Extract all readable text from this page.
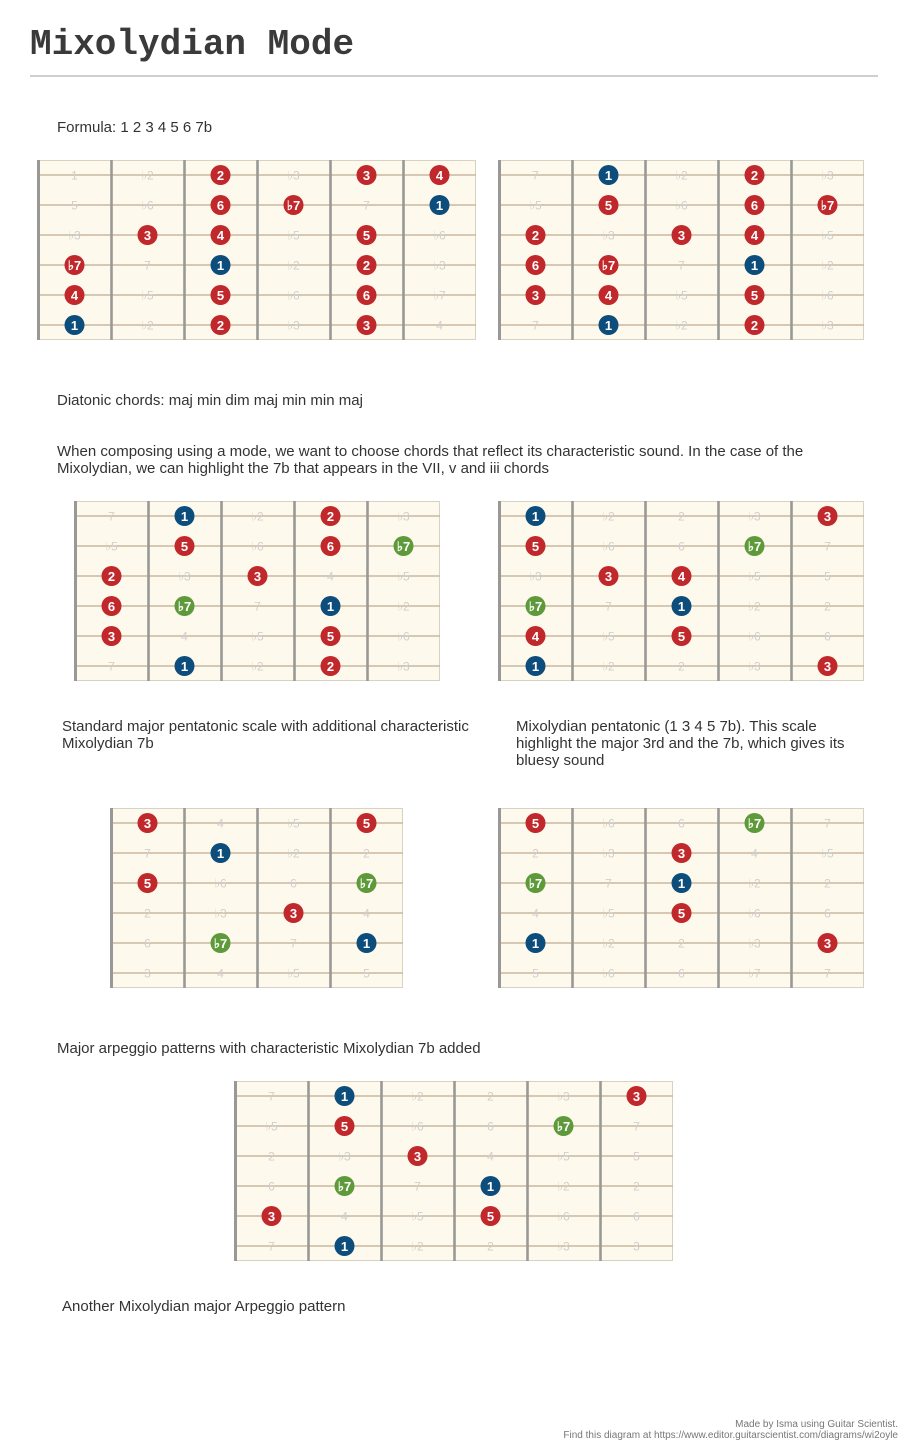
Mixolydian Mode

Formula: 1 2 3 4 5 6 7b

1	♭2	2	♭3	3	4
5	♭6	6	♭7	7	1
♭3	3	4	♭5	5	♭6
♭7	7	1	♭2	2	♭3
4	♭5	5	♭6	6	♭7
1	♭2	2	♭3	3	4
7	1	♭2	2	♭3
♭5	5	♭6	6	♭7
2	♭3	3	4	♭5
6	♭7	7	1	♭2
3	4	♭5	5	♭6
7	1	♭2	2	♭3

Diatonic chords: maj min dim maj min min maj

When composing using a mode, we want to choose chords that reflect its characteristic sound. In the case of the Mixolydian, we can highlight the 7b that appears in the VII, v and iii chords

7	1	♭2	2	♭3
♭5	5	♭6	6	♭7
2	♭3	3	4	♭5
6	♭7	7	1	♭2
3	4	♭5	5	♭6
7	1	♭2	2	♭3
1	♭2	2	♭3	3
5	♭6	6	♭7	7
♭3	3	4	♭5	5
♭7	7	1	♭2	2
4	♭5	5	♭6	6
1	♭2	2	♭3	3

Standard major pentatonic scale with additional characteristic Mixolydian 7b

Mixolydian pentatonic (1 3 4 5 7b). This scale highlight the major 3rd and the 7b, which gives its bluesy sound

3	4	♭5	5
7	1	♭2	2
5	♭6	6	♭7
2	♭3	3	4
6	♭7	7	1
3	4	♭5	5
5	♭6	6	♭7	7
2	♭3	3	4	♭5
♭7	7	1	♭2	2
4	♭5	5	♭6	6
1	♭2	2	♭3	3
5	♭6	6	♭7	7

Major arpeggio patterns with characteristic Mixolydian 7b added

7	1	♭2	2	♭3	3
♭5	5	♭6	6	♭7	7
2	♭3	3	4	♭5	5
6	♭7	7	1	♭2	2
3	4	♭5	5	♭6	6
7	1	♭2	2	♭3	3

Another Mixolydian major Arpeggio pattern

Made by Isma using Guitar Scientist.
Find this diagram at https://www.editor.guitarscientist.com/diagrams/wi2oyle
